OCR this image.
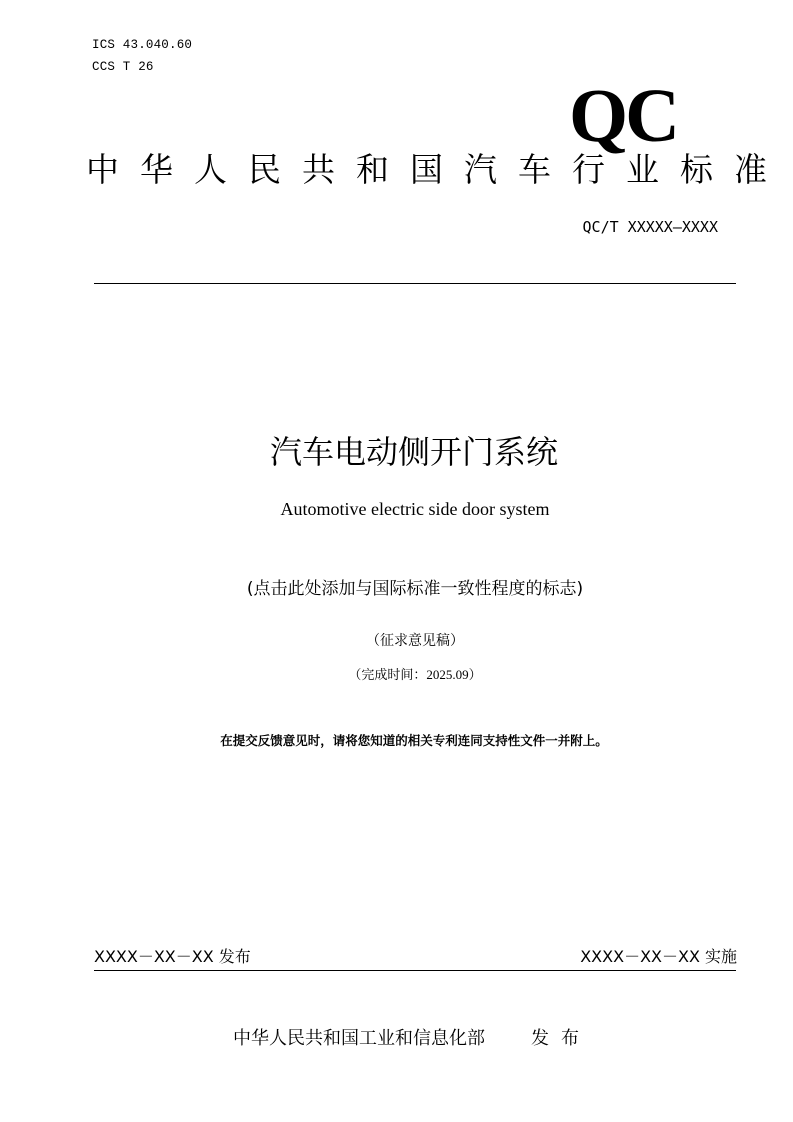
ICS 43.040.60
CCS T 26
QC
中华人民共和国汽车行业标准
QC/T XXXXX—XXXX
汽车电动侧开门系统
Automotive electric side door system
(点击此处添加与国际标准一致性程度的标志)
（征求意见稿）
（完成时间：2025.09）
在提交反馈意见时，请将您知道的相关专利连同支持性文件一并附上。
XXXX－XX－XX 发布	XXXX－XX－XX 实施
中华人民共和国工业和信息化部	发布
